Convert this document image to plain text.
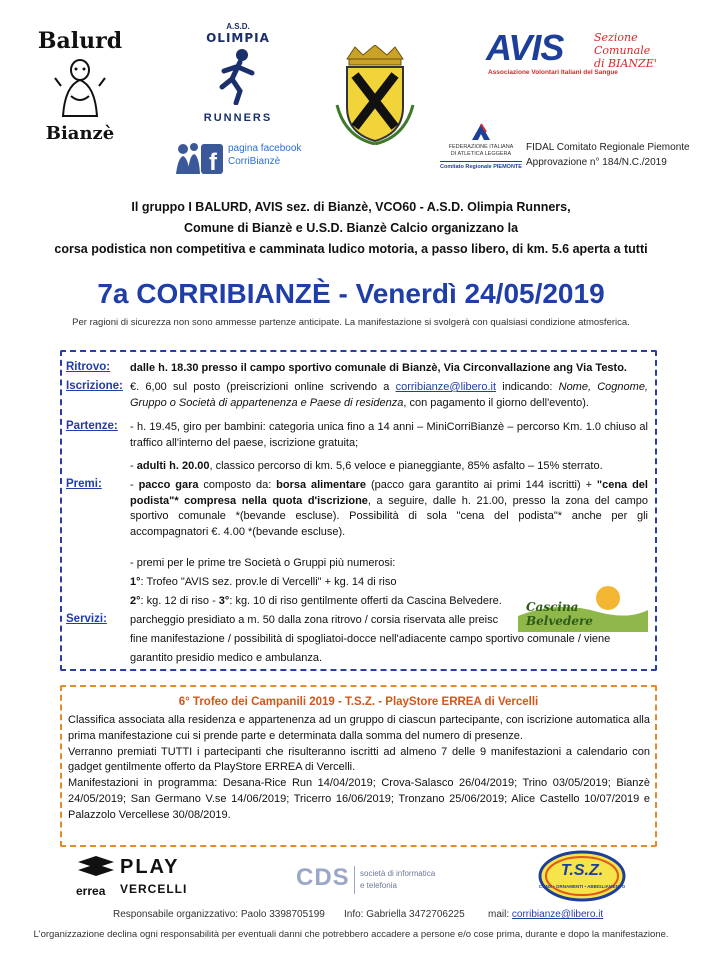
Balurd
Bianzè
A.S.D.
OLIMPIA
RUNNERS
f
pagina facebook
CorriBianzè
AVIS	Sezione Comunale
di BIANZE'
Associazione Volontari Italiani del Sangue
FEDERAZIONE ITALIANA
DI ATLETICA LEGGERA
Comitato Regionale PIEMONTE
FIDAL Comitato Regionale Piemonte
Approvazione n° 184/N.C./2019
Il gruppo I BALURD, AVIS sez. di Bianzè, VCO60 - A.S.D. Olimpia Runners,
Comune di Bianzè e U.S.D. Bianzè Calcio organizzano la
corsa podistica non competitiva e camminata ludico motoria, a passo libero, di km. 5.6 aperta a tutti
7a CORRIBIANZÈ - Venerdì 24/05/2019
Per ragioni di sicurezza non sono ammesse partenze anticipate. La manifestazione si svolgerà con qualsiasi condizione atmosferica.
Ritrovo: dalle h. 18.30 presso il campo sportivo comunale di Bianzè, Via Circonvallazione ang Via Testo.
Iscrizione: €. 6,00 sul posto (preiscrizioni online scrivendo a corribianze@libero.it indicando: Nome, Cognome, Gruppo o Società di appartenenza e Paese di residenza, con pagamento il giorno dell'evento).
Partenze: - h. 19.45, giro per bambini: categoria unica fino a 14 anni – MiniCorriBianzè – percorso Km. 1.0 chiuso al traffico all'interno del paese, iscrizione gratuita;
- adulti h. 20.00, classico percorso di km. 5,6 veloce e pianeggiante, 85% asfalto – 15% sterrato.
Premi:	- pacco gara composto da: borsa alimentare (pacco gara garantito ai primi 144 iscritti) + "cena del podista"* compresa nella quota d'iscrizione, a seguire, dalle h. 21.00, presso la zona del campo sportivo comunale *(bevande escluse). Possibilità di sola "cena del podista"* anche per gli accompagnatori €. 4.00 *(bevande escluse).
- premi per le prime tre Società o Gruppi più numerosi:
1°: Trofeo "AVIS sez. prov.le di Vercelli" + kg. 14 di riso
2°: kg. 12 di riso - 3°: kg. 10 di riso gentilmente offerti da Cascina Belvedere.
Servizi: parcheggio presidiato a m. 50 dalla zona ritrovo / corsia riservata alle preisc
fine manifestazione / possibilità di spogliatoi-docce nell'adiacente campo sportivo comunale / viene
garantito presidio medico e ambulanza.
Cascina Belvedere
6° Trofeo dei Campanili 2019 - T.S.Z. - PlayStore ERREA di Vercelli
Classifica associata alla residenza e appartenenza ad un gruppo di ciascun partecipante, con iscrizione automatica alla prima manifestazione cui si prende parte e determinata dalla somma del numero di presenze.
Verranno premiati TUTTI i partecipanti che risulteranno iscritti ad almeno 7 delle 9 manifestazioni a calendario con gadget gentilmente offerto da PlayStore ERREA di Vercelli.
Manifestazioni in programma: Desana-Rice Run 14/04/2019; Crova-Salasco 26/04/2019; Trino 03/05/2019; Bianzè 24/05/2019; San Germano V.se 14/06/2019; Tricerro 16/06/2019; Tronzano 25/06/2019; Alice Castello 10/07/2019 e Palazzolo Vercellese 30/08/2019.
errea
PLAY
VERCELLI	CDS società di informatica
e telefonia
T.S.Z.
CONS • ORNAMENTI • ABBIGLIAMENTO
Responsabile organizzativo: Paolo 3398705199 Info: Gabriella 3472706225 mail: corribianze@libero.it
L'organizzazione declina ogni responsabilità per eventuali danni che potrebbero accadere a persone e/o cose prima, durante e dopo la manifestazione.
